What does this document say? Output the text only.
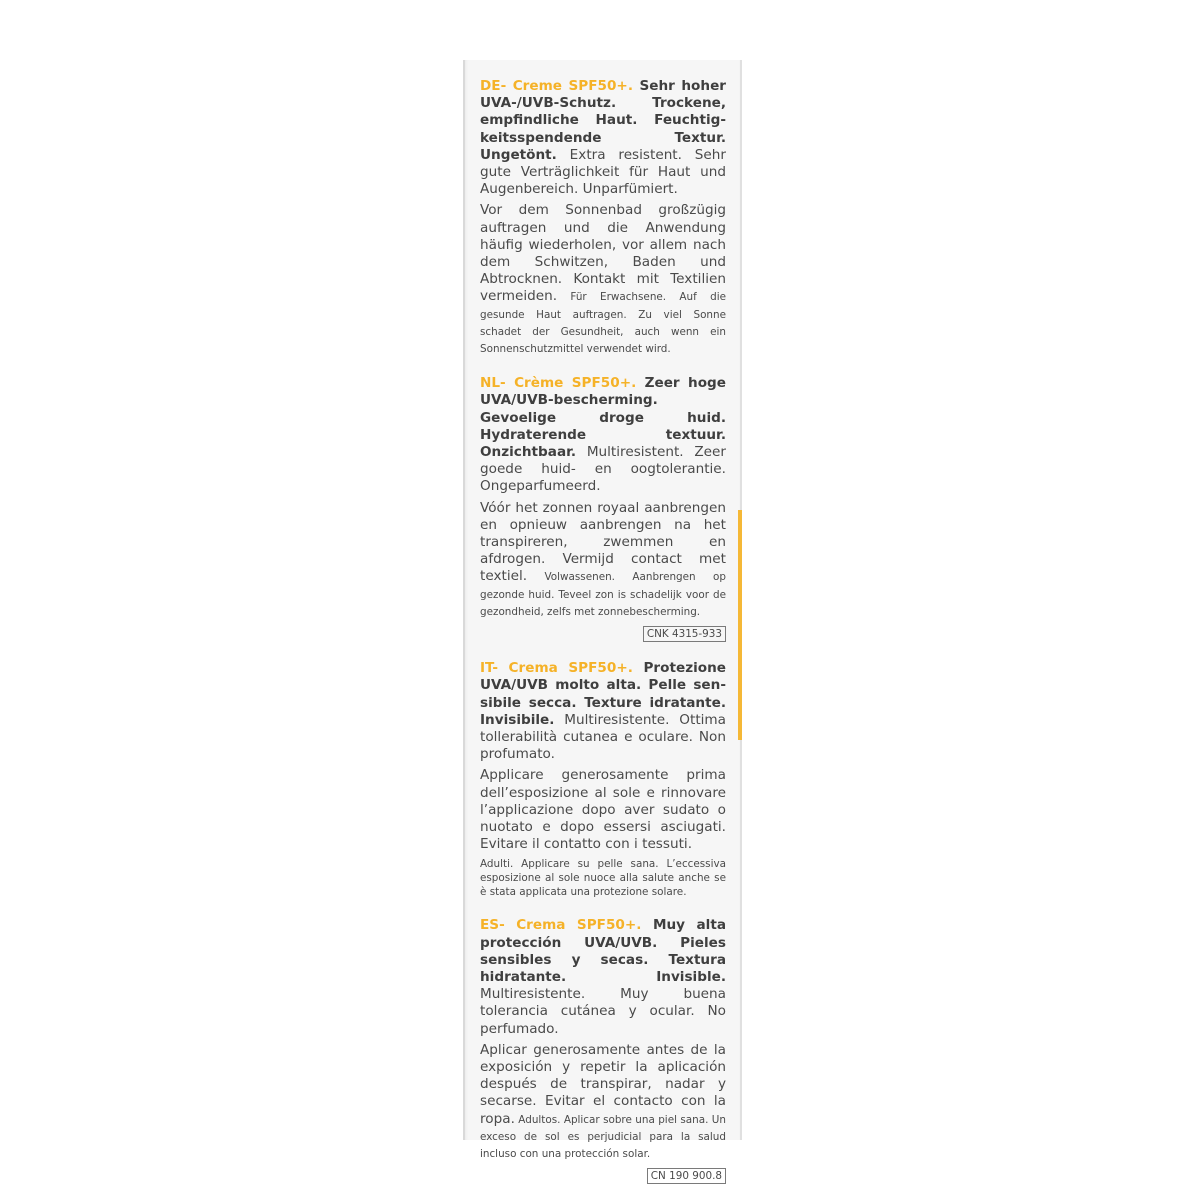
DE- Creme SPF50+. Sehr hoher UVA-/UVB-Schutz. Trockene, empfindliche Haut. Feuchtigkeitsspendende Textur. Ungetönt. Extra resistent. Sehr gute Verträglichkeit für Haut und Augenbereich. Unparfümiert.
Vor dem Sonnenbad großzügig auftragen und die Anwendung häufig wiederholen, vor allem nach dem Schwitzen, Baden und Abtrocknen. Kontakt mit Textilien vermeiden. Für Erwachsene. Auf die gesunde Haut auftragen. Zu viel Sonne schadet der Gesundheit, auch wenn ein Sonnenschutzmittel verwendet wird.
NL- Crème SPF50+. Zeer hoge UVA/UVB-bescherming. Gevoelige droge huid. Hydraterende textuur. Onzichtbaar. Multiresistent. Zeer goede huid- en oogtolerantie. Ongeparfumeerd.
Vóór het zonnen royaal aanbrengen en opnieuw aanbrengen na het transpireren, zwemmen en afdrogen. Vermijd contact met textiel. Volwassenen. Aanbrengen op gezonde huid. Teveel zon is schadelijk voor de gezondheid, zelfs met zonnebescherming.
CNK 4315-933
IT- Crema SPF50+. Protezione UVA/UVB molto alta. Pelle sensibile secca. Texture idratante. Invisibile. Multiresistente. Ottima tollerabilità cutanea e oculare. Non profumato.
Applicare generosamente prima dell’esposizione al sole e rinnovare l’applicazione dopo aver sudato o nuotato e dopo essersi asciugati. Evitare il contatto con i tessuti.
Adulti. Applicare su pelle sana. L’eccessiva esposizione al sole nuoce alla salute anche se è stata applicata una protezione solare.
ES- Crema SPF50+. Muy alta protección UVA/UVB. Pieles sensibles y secas. Textura hidratante. Invisible. Multiresistente. Muy buena tolerancia cutánea y ocular. No perfumado.
Aplicar generosamente antes de la exposición y repetir la aplicación después de transpirar, nadar y secarse. Evitar el contacto con la ropa. Adultos. Aplicar sobre una piel sana. Un exceso de sol es perjudicial para la salud incluso con una protección solar.
CN 190 900.8
